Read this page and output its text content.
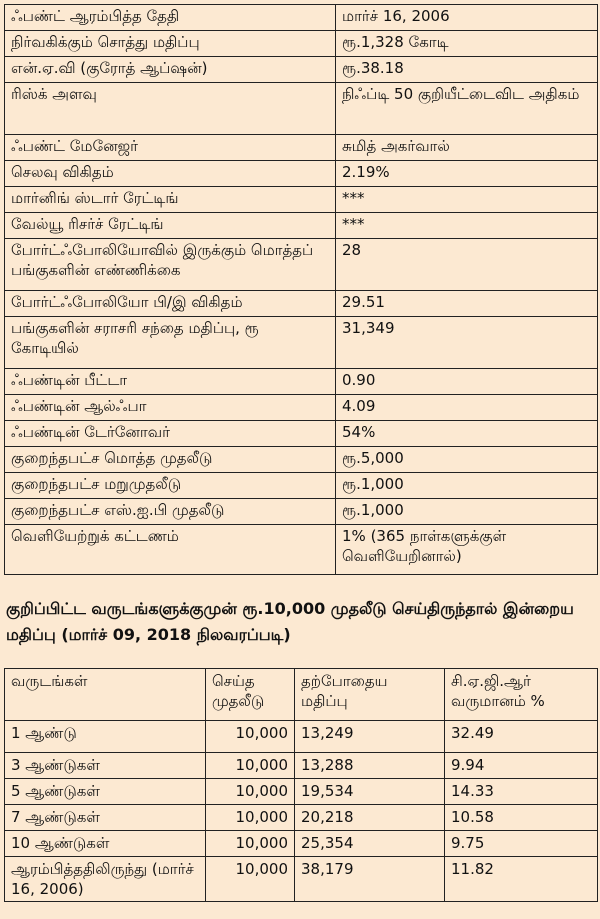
ஃபண்ட் ஆரம்பித்த தேதி	மார்ச் 16, 2006
நிர்வகிக்கும் சொத்து மதிப்பு	ரூ.1,328 கோடி
என்.ஏ.வி (குரோத் ஆப்ஷன்)	ரூ.38.18
ரிஸ்க் அளவு	நிஃப்டி 50 குறியீட்டைவிட அதிகம்
ஃபண்ட் மேனேஜர்	சுமித் அகர்வால்
செலவு விகிதம்	2.19%
மார்னிங் ஸ்டார் ரேட்டிங்	***
வேல்யூ ரிசர்ச் ரேட்டிங்	***
போர்ட்ஃபோலியோவில் இருக்கும் மொத்தப் பங்குகளின் எண்ணிக்கை	28
போர்ட்ஃபோலியோ பி/இ விகிதம்	29.51
பங்குகளின் சராசரி சந்தை மதிப்பு, ரூ கோடியில்	31,349
ஃபண்டின் பீட்டா	0.90
ஃபண்டின் ஆல்ஃபா	4.09
ஃபண்டின் டேர்னோவர்	54%
குறைந்தபட்ச மொத்த முதலீடு	ரூ.5,000
குறைந்தபட்ச மறுமுதலீடு	ரூ.1,000
குறைந்தபட்ச எஸ்.ஐ.பி முதலீடு	ரூ.1,000
வெளியேற்றுக் கட்டணம்	1% (365 நாள்களுக்குள் வெளியேறினால்)
குறிப்பிட்ட வருடங்களுக்குமுன் ரூ.10,000 முதலீடு செய்திருந்தால் இன்றைய மதிப்பு (மார்ச் 09, 2018 நிலவரப்படி)
வருடங்கள்	செய்த முதலீடு	தற்போதைய மதிப்பு	சி.ஏ.ஜி.ஆர் வருமானம் %
1 ஆண்டு	10,000	13,249	32.49
3 ஆண்டுகள்	10,000	13,288	9.94
5 ஆண்டுகள்	10,000	19,534	14.33
7 ஆண்டுகள்	10,000	20,218	10.58
10 ஆண்டுகள்	10,000	25,354	9.75
ஆரம்பித்ததிலிருந்து (மார்ச் 16, 2006)	10,000	38,179	11.82
